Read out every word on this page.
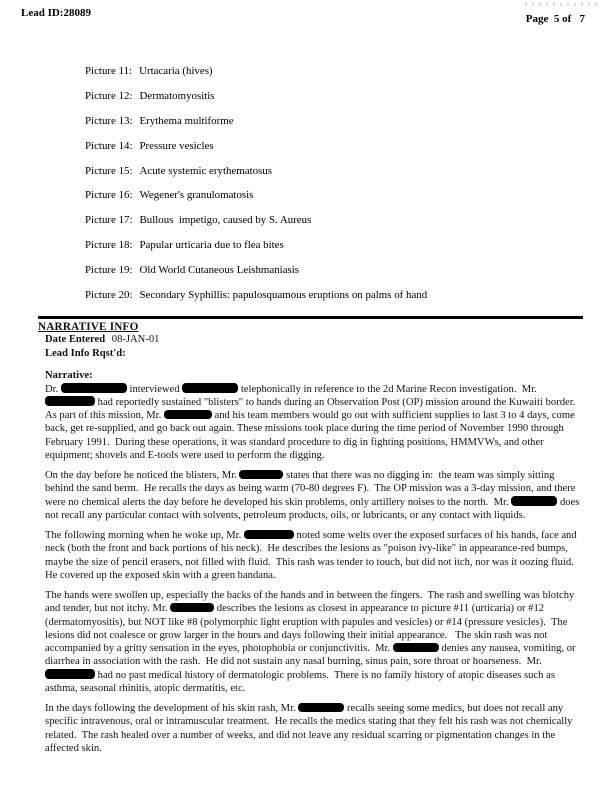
Lead ID:28089	Page  5 of   7
Picture 11: Urtacaria (hives)
Picture 12: Dermatomyositis
Picture 13: Erythema multiforme
Picture 14: Pressure vesicles
Picture 15: Acute systemic erythematosus
Picture 16: Wegener's granulomatosis
Picture 17: Bullous  impetigo, caused by S. Aureus
Picture 18: Papular urticaria due to flea bites
Picture 19: Old World Cutaneous Leishmaniasis
Picture 20: Secondary Syphillis: papulosquamous eruptions on palms of hand
NARRATIVE INFO
Date Entered 08-JAN-01
Lead Info Rqst'd:
Narrative:

Dr.	interviewed	telephonically in reference to the 2d Marine Recon investigation.  Mr.  had reportedly sustained "blisters" to hands during an Observation Post (OP) mission around the Kuwaiti border.  As part of this mission, Mr.	and his team members would go out with sufficient supplies to last 3 to 4 days, come back, get re-supplied, and go back out again. These missions took place during the time period of November 1990 through February 1991.  During these operations, it was standard procedure to dig in fighting positions, HMMVWs, and other equipment; shovels and E-tools were used to perform the digging.

On the day before he noticed the blisters, Mr.	states that there was no digging in:  the team was simply sitting behind the sand berm.  He recalls the days as being warm (70-80 degrees F).  The OP mission was a 3-day mission, and there were no chemical alerts the day before he developed his skin problems, only artillery noises to the north.  Mr.	does not recall any particular contact with solvents, petroleum products, oils, or lubricants, or any contact with liquids.

The following morning when he woke up, Mr.	noted some welts over the exposed surfaces of his hands, face and neck (both the front and back portions of his neck).  He describes the lesions as "poison ivy-like" in appearance-red bumps, maybe the size of pencil erasers, not filled with fluid.  This rash was tender to touch, but did not itch, nor was it oozing fluid.  He covered up the exposed skin with a green bandana.

The hands were swollen up, especially the backs of the hands and in between the fingers.  The rash and swelling was blotchy and tender, but not itchy. Mr.	describes the lesions as closest in appearance to picture #11 (urticaria) or #12 (dermatomyositis), but NOT like #8 (polymorphic light eruption with papules and vesicles) or #14 (pressure vesicles).  The lesions did not coalesce or grow larger in the hours and days following their initial appearance.   The skin rash was not accompanied by a gritty sensation in the eyes, photophobia or conjunctivitis.  Mr.	denies any nausea, vomiting, or diarrhea in association with the rash.  He did not sustain any nasal burning, sinus pain, sore throat or hoarseness.  Mr.  had no past medical history of dermatologic problems.  There is no family history of atopic diseases such as asthma, seasonal rhinitis, atopic dermatitis, etc.

In the days following the development of his skin rash, Mr.	recalls seeing some medics, but does not recall any specific intravenous, oral or intramuscular treatment.  He recalls the medics stating that they felt his rash was not chemically related.  The rash healed over a number of weeks, and did not leave any residual scarring or pigmentation changes in the affected skin.
